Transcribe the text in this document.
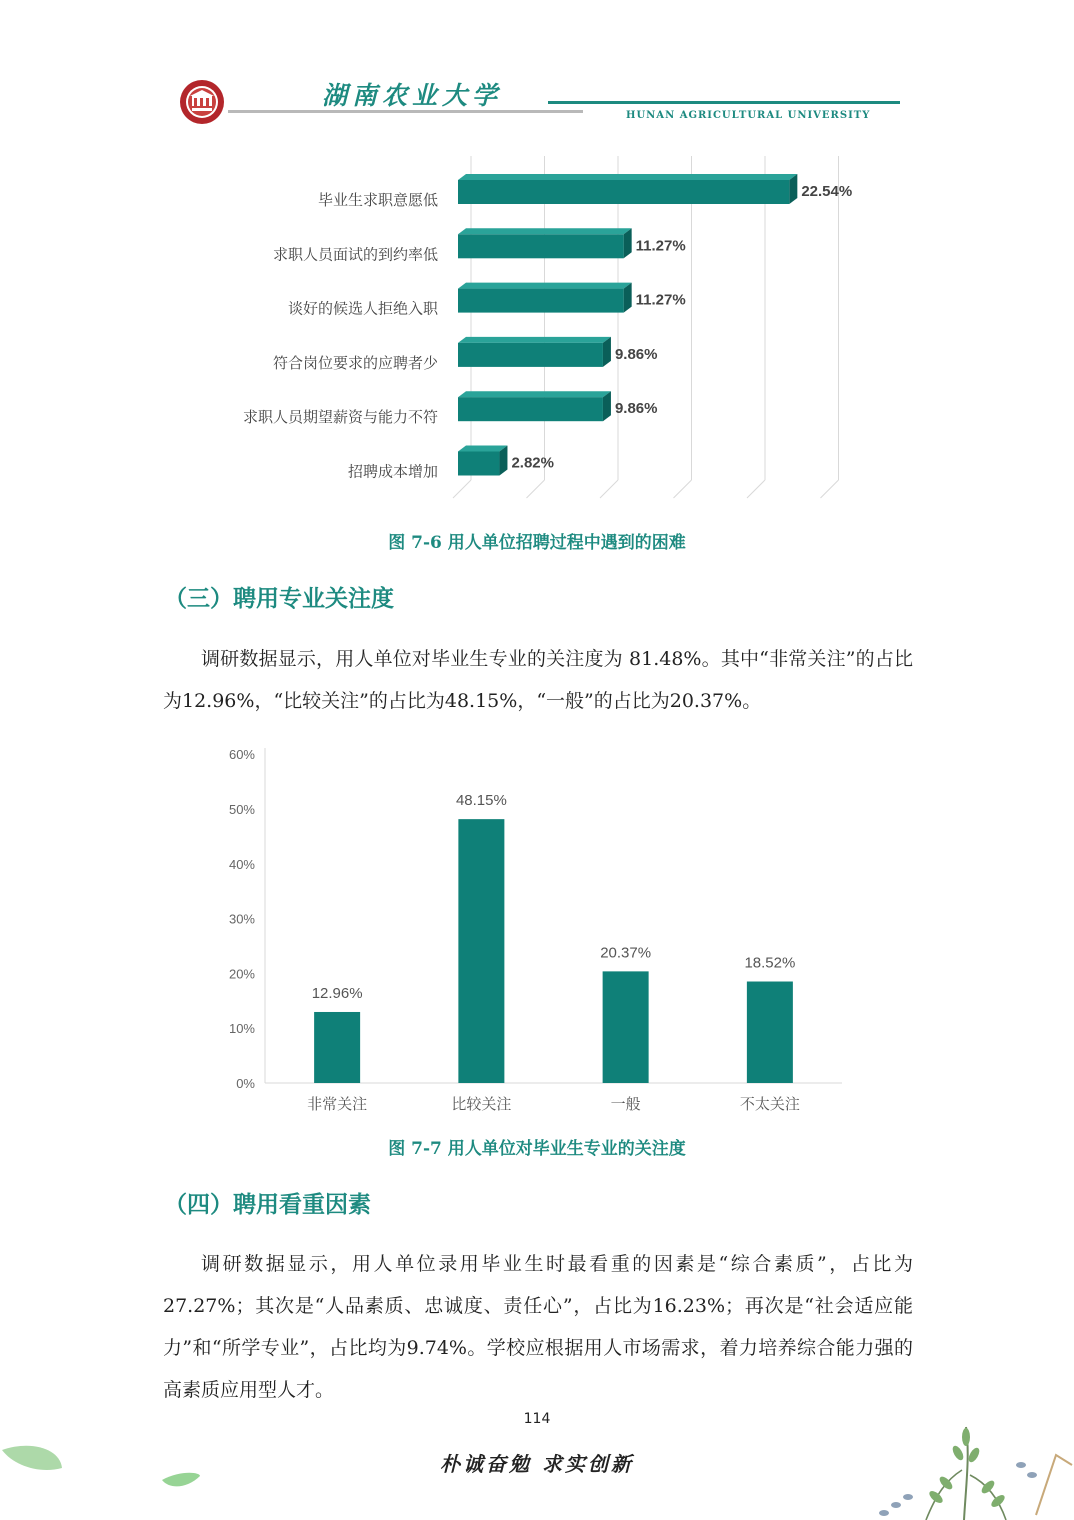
湖南农业大学
HUNAN AGRICULTURAL UNIVERSITY
22.54%
毕业生求职意愿低
11.27%
求职人员面试的到约率低
11.27%
谈好的候选人拒绝入职
9.86%
符合岗位要求的应聘者少
9.86%
求职人员期望薪资与能力不符
2.82%
招聘成本增加
图 7-6 用人单位招聘过程中遇到的困难
（三）聘用专业关注度

调研数据显示，用人单位对毕业生专业的关注度为 81.48%。其中“非常关注”的占比为12.96%，“比较关注”的占比为48.15%，“一般”的占比为20.37%。

0%
10%
20%
30%
40%
50%
60%
12.96%
非常关注
48.15%
比较关注
20.37%
一般
18.52%
不太关注
图 7-7 用人单位对毕业生专业的关注度
（四）聘用看重因素

调研数据显示，用人单位录用毕业生时最看重的因素是“综合素质”，占比为27.27%；其次是“人品素质、忠诚度、责任心”，占比为16.23%；再次是“社会适应能力”和“所学专业”，占比均为9.74%。学校应根据用人市场需求，着力培养综合能力强的高素质应用型人才。

114
朴诚奋勉 求实创新
